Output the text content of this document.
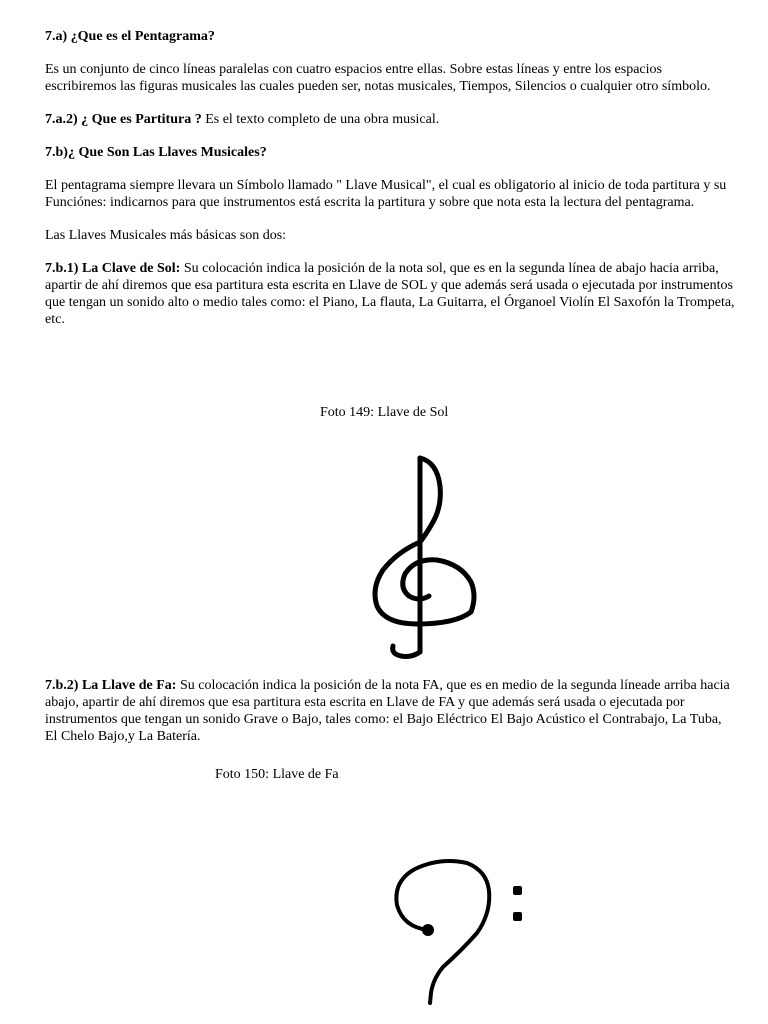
7.a) ¿Que es el Pentagrama?

Es un conjunto de cinco líneas paralelas con cuatro espacios entre ellas. Sobre estas líneas y entre los espacios escribiremos las figuras musicales las cuales pueden ser, notas musicales, Tiempos, Silencios o cualquier otro símbolo.

7.a.2) ¿ Que es Partitura ? Es el texto completo de una obra musical.

7.b)¿ Que Son Las Llaves Musicales?

El pentagrama siempre llevara un Símbolo llamado " Llave Musical", el cual es obligatorio al inicio de toda partitura y su Funciónes: indicarnos para que instrumentos está escrita la partitura y sobre que nota esta la lectura del pentagrama.

Las Llaves Musicales más básicas son dos:

7.b.1) La Clave de Sol: Su colocación indica la posición de la nota sol, que es en la segunda línea de abajo hacia arriba, apartir de ahí diremos que esa partitura esta escrita en Llave de SOL y que además será usada o ejecutada por instrumentos que tengan un sonido alto o medio tales como: el Piano, La flauta, La Guitarra, el Órganoel Violín El Saxofón la Trompeta, etc.

Foto 149: Llave de Sol

7.b.2) La Llave de Fa: Su colocación indica la posición de la nota FA, que es en medio de la segunda líneade arriba hacia abajo, apartir de ahí diremos que esa partitura esta escrita en Llave de FA y que además será usada o ejecutada por instrumentos que tengan un sonido Grave o Bajo, tales como: el Bajo Eléctrico El Bajo Acústico el Contrabajo, La Tuba, El Chelo Bajo,y La Batería.

Foto 150: Llave de Fa
